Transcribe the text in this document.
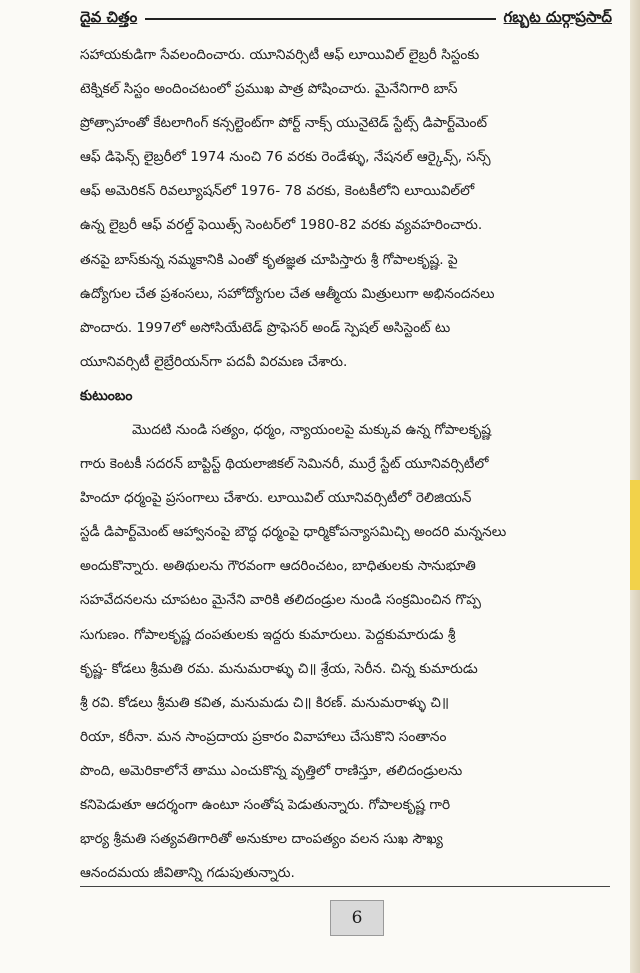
దైవ చిత్తం	గబ్బట దుర్గాప్రసాద్

సహాయకుడిగా సేవలందించారు. యూనివర్సిటీ ఆఫ్ లూయివిల్ లైబ్రరీ సిస్టంకు

టెక్నికల్ సిస్టం అందించటంలో ప్రముఖ పాత్ర పోషించారు. మైనేనిగారి బాస్

ప్రోత్సాహంతో కేటలాగింగ్ కన్సల్టెంట్‌గా పోర్ట్ నాక్స్ యునైటెడ్ స్టేట్స్ డిపార్ట్‌మెంట్

ఆఫ్ డిఫెన్స్ లైబ్రరీలో 1974 నుంచి 76 వరకు రెండేళ్ళు, నేషనల్ ఆర్కైవ్స్, సన్స్

ఆఫ్ అమెరికన్ రివల్యూషన్‌లో 1976- 78 వరకు, కెంటకీలోని లూయివిల్‌లో

ఉన్న లైబ్రరీ ఆఫ్ వరల్డ్ ఫెయిత్స్ సెంటర్‌లో 1980-82 వరకు వ్యవహరించారు.

తనపై బాస్‌కున్న నమ్మకానికి ఎంతో కృతజ్ఞత చూపిస్తారు శ్రీ గోపాలకృష్ణ. పై

ఉద్యోగుల చేత ప్రశంసలు, సహోద్యోగుల చేత ఆత్మీయ మిత్రులుగా అభినందనలు

పొందారు. 1997లో అసోసియేటెడ్ ప్రొఫెసర్ అండ్ స్పెషల్ అసిస్టెంట్ టు

యూనివర్సిటీ లైబ్రేరియన్‌గా పదవీ విరమణ చేశారు.

కుటుంబం

మొదటి నుండి సత్యం, ధర్మం, న్యాయంలపై మక్కువ ఉన్న గోపాలకృష్ణ

గారు కెంటకీ సదరన్ బాప్టిస్ట్ థియలాజికల్ సెమినరీ, ముర్రే స్టేట్ యూనివర్సిటీలో

హిందూ ధర్మంపై ప్రసంగాలు చేశారు. లూయివిల్ యూనివర్సిటీలో రెలిజియన్

స్టడీ డిపార్ట్‌మెంట్ ఆహ్వానంపై బౌద్ధ ధర్మంపై ధార్మికోపన్యాసమిచ్చి అందరి మన్ననలు

అందుకొన్నారు. అతిథులను గౌరవంగా ఆదరించటం, బాధితులకు సానుభూతి

సహవేదనలను చూపటం మైనేని వారికి తలిదండ్రుల నుండి సంక్రమించిన గొప్ప

సుగుణం. గోపాలకృష్ణ దంపతులకు ఇద్దరు కుమారులు. పెద్దకుమారుడు శ్రీ

కృష్ణ- కోడలు శ్రీమతి రమ. మనుమరాళ్ళు చి॥ శ్రేయ, సెరీన. చిన్న కుమారుడు

శ్రీ రవి. కోడలు శ్రీమతి కవిత, మనుమడు చి॥ కిరణ్. మనుమరాళ్ళు చి॥

రియా, కరీనా. మన సాంప్రదాయ ప్రకారం వివాహాలు చేసుకొని సంతానం

పొంది, అమెరికాలోనే తాము ఎంచుకొన్న వృత్తిలో రాణిస్తూ, తలిదండ్రులను

కనిపెడుతూ ఆదర్శంగా ఉంటూ సంతోష పెడుతున్నారు. గోపాలకృష్ణ గారి

భార్య శ్రీమతి సత్యవతిగారితో అనుకూల దాంపత్యం వలన సుఖ సౌఖ్య

ఆనందమయ జీవితాన్ని గడుపుతున్నారు.

6
